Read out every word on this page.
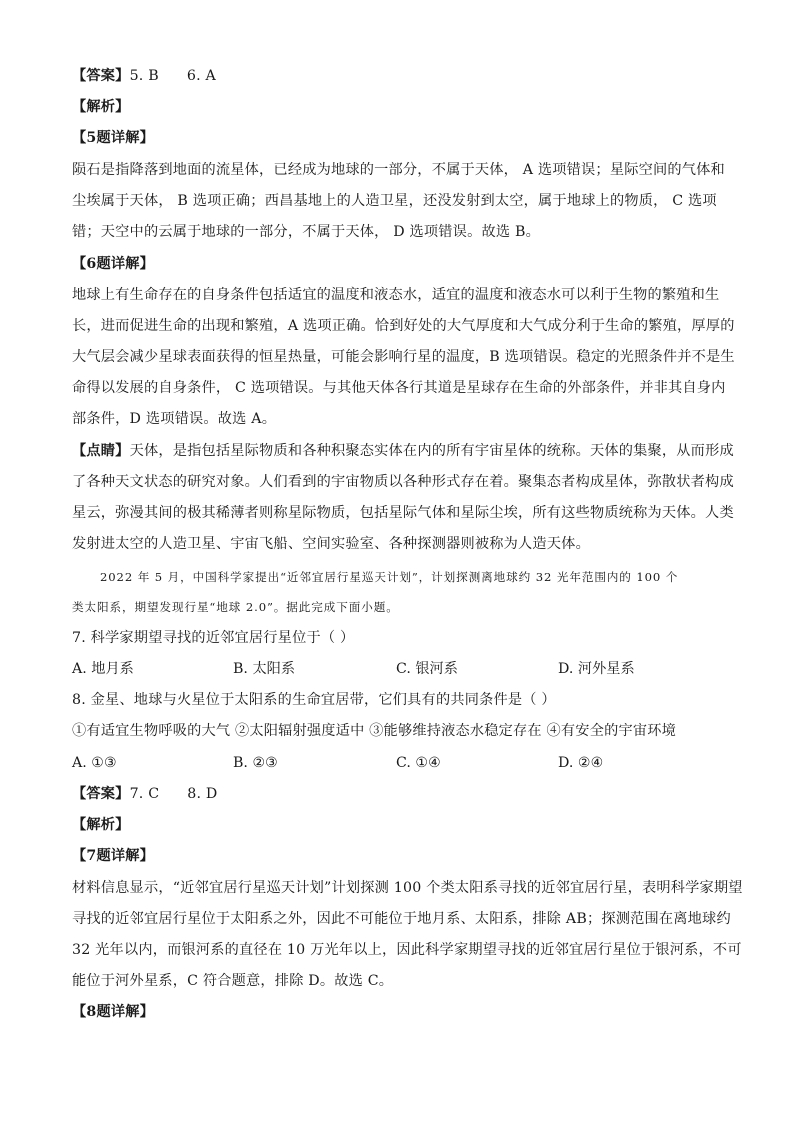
【答案】5. B 6. A
【解析】
【5题详解】
陨石是指降落到地面的流星体，已经成为地球的一部分，不属于天体， A 选项错误；星际空间的气体和
尘埃属于天体， B 选项正确；西昌基地上的人造卫星，还没发射到太空，属于地球上的物质， C 选项
错；天空中的云属于地球的一部分，不属于天体， D 选项错误。故选 B。
【6题详解】
地球上有生命存在的自身条件包括适宜的温度和液态水，适宜的温度和液态水可以利于生物的繁殖和生
长，进而促进生命的出现和繁殖，A 选项正确。恰到好处的大气厚度和大气成分利于生命的繁殖，厚厚的
大气层会减少星球表面获得的恒星热量，可能会影响行星的温度，B 选项错误。稳定的光照条件并不是生
命得以发展的自身条件， C 选项错误。与其他天体各行其道是星球存在生命的外部条件，并非其自身内
部条件，D 选项错误。故选 A。
【点睛】天体，是指包括星际物质和各种积聚态实体在内的所有宇宙星体的统称。天体的集聚，从而形成
了各种天文状态的研究对象。人们看到的宇宙物质以各种形式存在着。聚集态者构成星体，弥散状者构成
星云，弥漫其间的极其稀薄者则称星际物质，包括星际气体和星际尘埃，所有这些物质统称为天体。人类
发射进太空的人造卫星、宇宙飞船、空间实验室、各种探测器则被称为人造天体。
2022 年 5 月，中国科学家提出“近邻宜居行星巡天计划”，计划探测离地球约 32 光年范围内的 100 个
类太阳系，期望发现行星“地球 2.0”。据此完成下面小题。
7. 科学家期望寻找的近邻宜居行星位于（ ）
A. 地月系	B. 太阳系	C. 银河系	D. 河外星系
8. 金星、地球与火星位于太阳系的生命宜居带，它们具有的共同条件是（ ）
①有适宜生物呼吸的大气 ②太阳辐射强度适中 ③能够维持液态水稳定存在 ④有安全的宇宙环境
A. ①③	B. ②③	C. ①④	D. ②④
【答案】7. C 8. D
【解析】
【7题详解】
材料信息显示，“近邻宜居行星巡天计划”计划探测 100 个类太阳系寻找的近邻宜居行星，表明科学家期望
寻找的近邻宜居行星位于太阳系之外，因此不可能位于地月系、太阳系，排除 AB；探测范围在离地球约
32 光年以内，而银河系的直径在 10 万光年以上，因此科学家期望寻找的近邻宜居行星位于银河系，不可
能位于河外星系，C 符合题意，排除 D。故选 C。
【8题详解】
